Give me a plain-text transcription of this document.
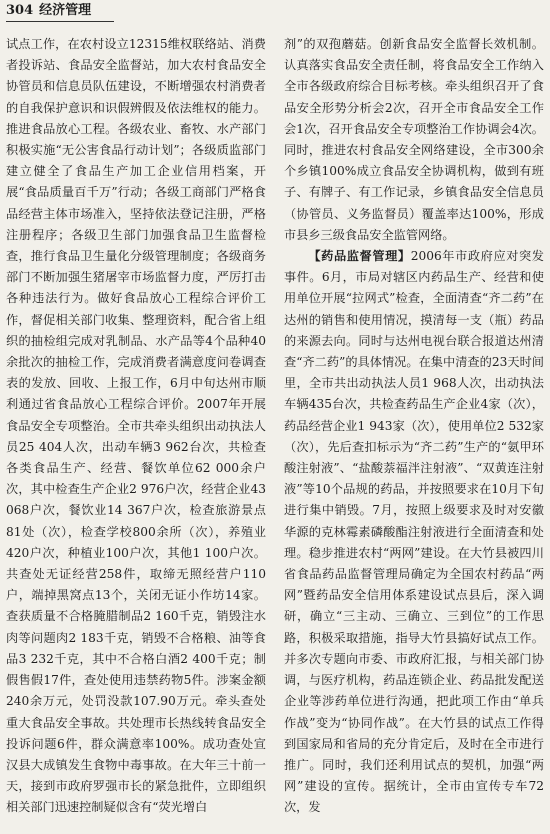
304 经济管理

试点工作，在农村设立12315维权联络站、消费者投诉站、食品安全监督站，加大农村食品安全协管员和信息员队伍建设，不断增强农村消费者的自我保护意识和识假辨假及依法维权的能力。推进食品放心工程。各级农业、畜牧、水产部门积极实施“无公害食品行动计划”；各级质监部门建立健全了食品生产加工企业信用档案，开展“食品质量百千万”行动；各级工商部门严格食品经营主体市场准入，坚持依法登记注册，严格注册程序；各级卫生部门加强食品卫生监督检查，推行食品卫生量化分级管理制度；各级商务部门不断加强生猪屠宰市场监督力度，严厉打击各种违法行为。做好食品放心工程综合评价工作，督促相关部门收集、整理资料，配合省上组织的抽检组完成对乳制品、水产品等4个品种40余批次的抽检工作，完成消费者满意度问卷调查表的发放、回收、上报工作，6月中旬达州市顺利通过省食品放心工程综合评价。2007年开展食品安全专项整治。全市共牵头组织出动执法人员25 404人次，出动车辆3 962台次，共检查各类食品生产、经营、餐饮单位62 000余户次，其中检查生产企业2 976户次，经营企业43 068户次，餐饮业14 367户次，检查旅游景点81处（次），检查学校800余所（次），养殖业420户次，种植业100户次，其他1 100户次。共查处无证经营258件，取缔无照经营户110户，端掉黑窝点13个，关闭无证小作坊14家。查获质量不合格腌腊制品2 160千克，销毁注水肉等问题肉2 183千克，销毁不合格粮、油等食品3 232千克，其中不合格白酒2 400千克；制假售假17件，查处使用违禁药物5件。涉案金额240余万元，处罚没款107.90万元。牵头查处重大食品安全事故。共处理市长热线转食品安全投诉问题6件，群众满意率100%。成功查处宣汉县大成镇发生食物中毒事故。在大年三十前一天，接到市政府罗强市长的紧急批件，立即组织相关部门迅速控制疑似含有“荧光增白

剂”的双孢蘑菇。创新食品安全监督长效机制。认真落实食品安全责任制，将食品安全工作纳入全市各级政府综合目标考核。牵头组织召开了食品安全形势分析会2次，召开全市食品安全工作会1次，召开食品安全专项整治工作协调会4次。同时，推进农村食品安全网络建设，全市300余个乡镇100%成立食品安全协调机构，做到有班子、有牌子、有工作记录，乡镇食品安全信息员（协管员、义务监督员）覆盖率达100%，形成市县乡三级食品安全监管网络。

【药品监督管理】2006年市政府应对突发事件。6月，市局对辖区内药品生产、经营和使用单位开展“拉网式”检查，全面清查“齐二药”在达州的销售和使用情况，摸清每一支（瓶）药品的来源去向。同时与达州电视台联合报道达州清查“齐二药”的具体情况。在集中清查的23天时间里，全市共出动执法人员1 968人次，出动执法车辆435台次，共检查药品生产企业4家（次），药品经营企业1 943家（次），使用单位2 532家（次），先后查扣标示为“齐二药”生产的“氨甲环酸注射液”、“盐酸萘福泮注射液”、“双黄连注射液”等10个品规的药品，并按照要求在10月下旬进行集中销毁。7月，按照上级要求及时对安徽华源的克林霉素磷酸酯注射液进行全面清查和处理。稳步推进农村“两网”建设。在大竹县被四川省食品药品监督管理局确定为全国农村药品“两网”暨药品安全信用体系建设试点县后，深入调研，确立“三主动、三确立、三到位”的工作思路，积极采取措施，指导大竹县搞好试点工作。并多次专题向市委、市政府汇报，与相关部门协调，与医疗机构，药品连锁企业、药品批发配送企业等涉药单位进行沟通，把此项工作由“单兵作战”变为“协同作战”。在大竹县的试点工作得到国家局和省局的充分肯定后，及时在全市进行推广。同时，我们还利用试点的契机，加强“两网”建设的宣传。据统计，全市由宣传专车72次，发
